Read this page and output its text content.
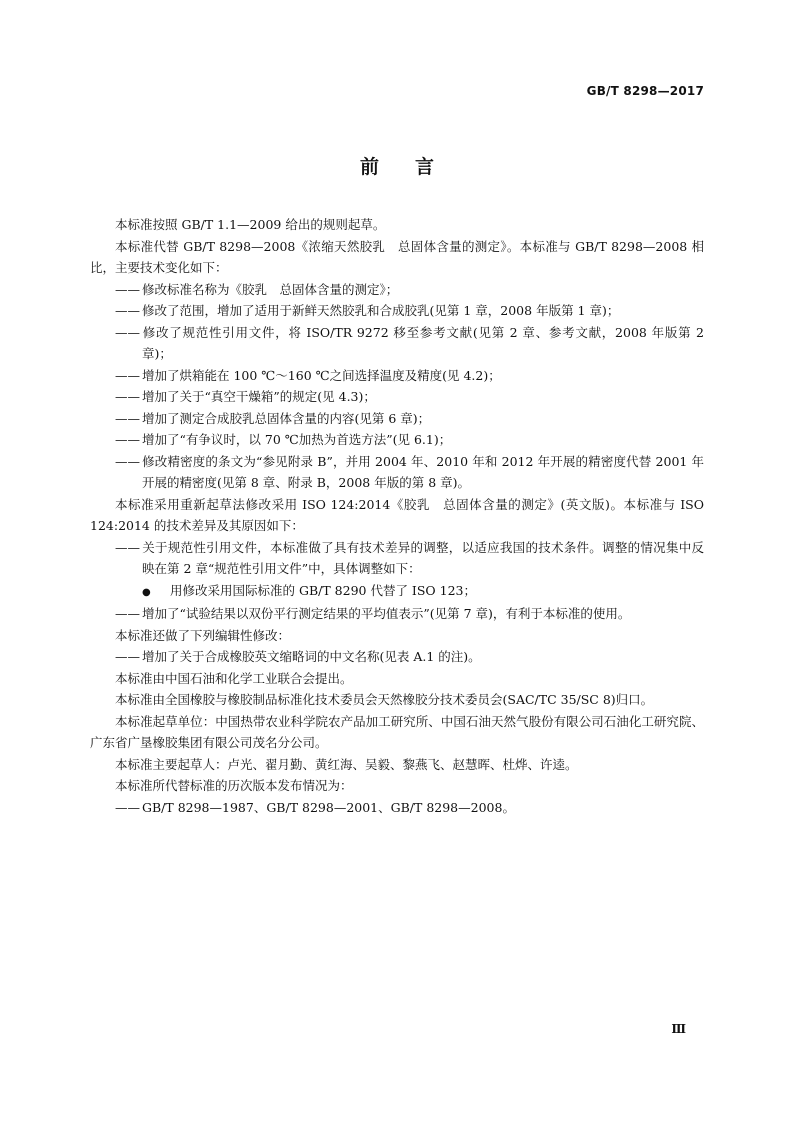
GB/T 8298—2017
前言

本标准按照 GB/T 1.1—2009 给出的规则起草。

本标准代替 GB/T 8298—2008《浓缩天然胶乳　总固体含量的测定》。本标准与 GB/T 8298—2008 相比，主要技术变化如下：

—— 修改标准名称为《胶乳　总固体含量的测定》；

—— 修改了范围，增加了适用于新鲜天然胶乳和合成胶乳(见第 1 章，2008 年版第 1 章)；

—— 修改了规范性引用文件，将 ISO/TR 9272 移至参考文献(见第 2 章、参考文献，2008 年版第 2 章)；

—— 增加了烘箱能在 100 ℃～160 ℃之间选择温度及精度(见 4.2)；

—— 增加了关于“真空干燥箱”的规定(见 4.3)；

—— 增加了测定合成胶乳总固体含量的内容(见第 6 章)；

—— 增加了“有争议时，以 70 ℃加热为首选方法”(见 6.1)；

—— 修改精密度的条文为“参见附录 B”，并用 2004 年、2010 年和 2012 年开展的精密度代替 2001 年开展的精密度(见第 8 章、附录 B，2008 年版的第 8 章)。

本标准采用重新起草法修改采用 ISO 124:2014《胶乳　总固体含量的测定》(英文版)。本标准与 ISO 124:2014 的技术差异及其原因如下：

—— 关于规范性引用文件，本标准做了具有技术差异的调整，以适应我国的技术条件。调整的情况集中反映在第 2 章“规范性引用文件”中，具体调整如下：

● 用修改采用国际标准的 GB/T 8290 代替了 ISO 123；

—— 增加了“试验结果以双份平行测定结果的平均值表示”(见第 7 章)，有利于本标准的使用。

本标准还做了下列编辑性修改：

—— 增加了关于合成橡胶英文缩略词的中文名称(见表 A.1 的注)。

本标准由中国石油和化学工业联合会提出。

本标准由全国橡胶与橡胶制品标准化技术委员会天然橡胶分技术委员会(SAC/TC 35/SC 8)归口。

本标准起草单位：中国热带农业科学院农产品加工研究所、中国石油天然气股份有限公司石油化工研究院、广东省广垦橡胶集团有限公司茂名分公司。

本标准主要起草人：卢光、翟月勤、黄红海、吴毅、黎燕飞、赵慧晖、杜烨、许逵。

本标准所代替标准的历次版本发布情况为：

—— GB/T 8298—1987、GB/T 8298—2001、GB/T 8298—2008。

Ⅲ
